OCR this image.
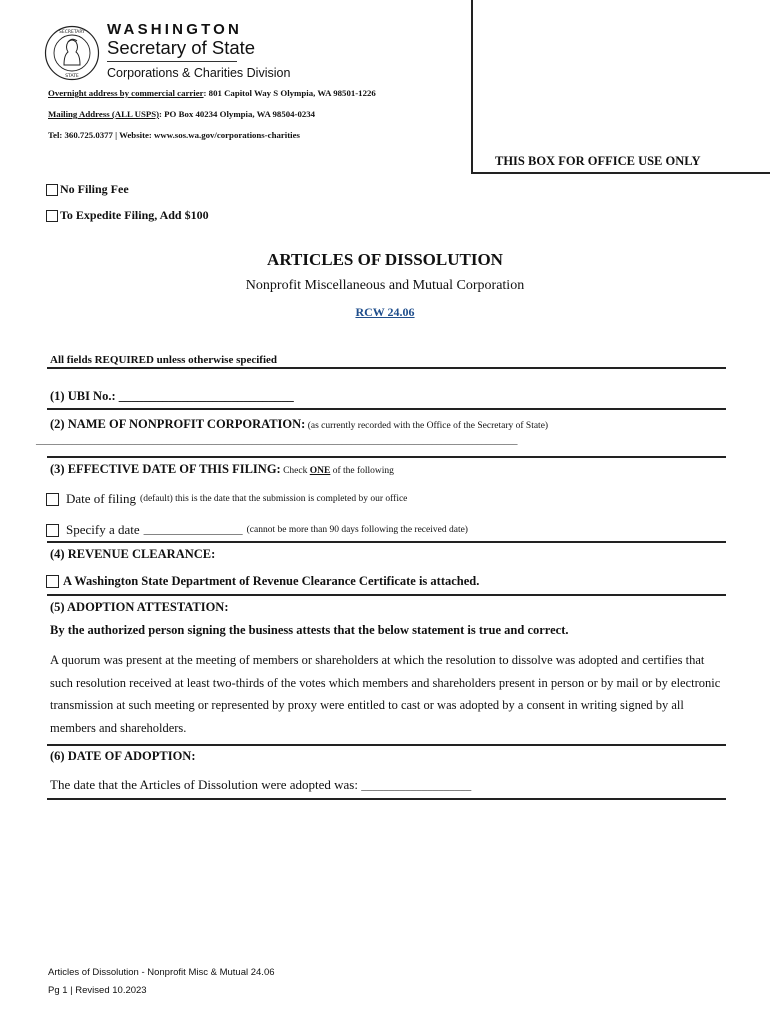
THIS BOX FOR OFFICE USE ONLY
SECRETARY
STATE
WASHINGTON
Secretary of State
Corporations & Charities Division
Overnight address by commercial carrier: 801 Capitol Way S Olympia, WA 98501-1226
Mailing Address (ALL USPS): PO Box 40234 Olympia, WA 98504-0234
Tel: 360.725.0377 | Website: www.sos.wa.gov/corporations-charities
No Filing Fee
To Expedite Filing, Add $100
ARTICLES OF DISSOLUTION
Nonprofit Miscellaneous and Mutual Corporation
RCW 24.06
All fields REQUIRED unless otherwise specified
(1) UBI No.: ____________________________
(2) NAME OF NONPROFIT CORPORATION: (as currently recorded with the Office of the Secretary of State)
___________________________________________________________________________________________________________
(3) EFFECTIVE DATE OF THIS FILING: Check ONE of the following
Date of filing (default) this is the date that the submission is completed by our office
Specify a date __________________ (cannot be more than 90 days following the received date)
(4) REVENUE CLEARANCE:
A Washington State Department of Revenue Clearance Certificate is attached.
(5) ADOPTION ATTESTATION:
By the authorized person signing the business attests that the below statement is true and correct.
A quorum was present at the meeting of members or shareholders at which the resolution to dissolve was adopted and certifies that such resolution received at least two-thirds of the votes which members and shareholders present in person or by mail or by electronic transmission at such meeting or represented by proxy were entitled to cast or was adopted by a consent in writing signed by all members and shareholders.
(6) DATE OF ADOPTION:
The date that the Articles of Dissolution were adopted was: ____________________
Articles of Dissolution - Nonprofit Misc & Mutual 24.06
Pg 1 | Revised 10.2023
